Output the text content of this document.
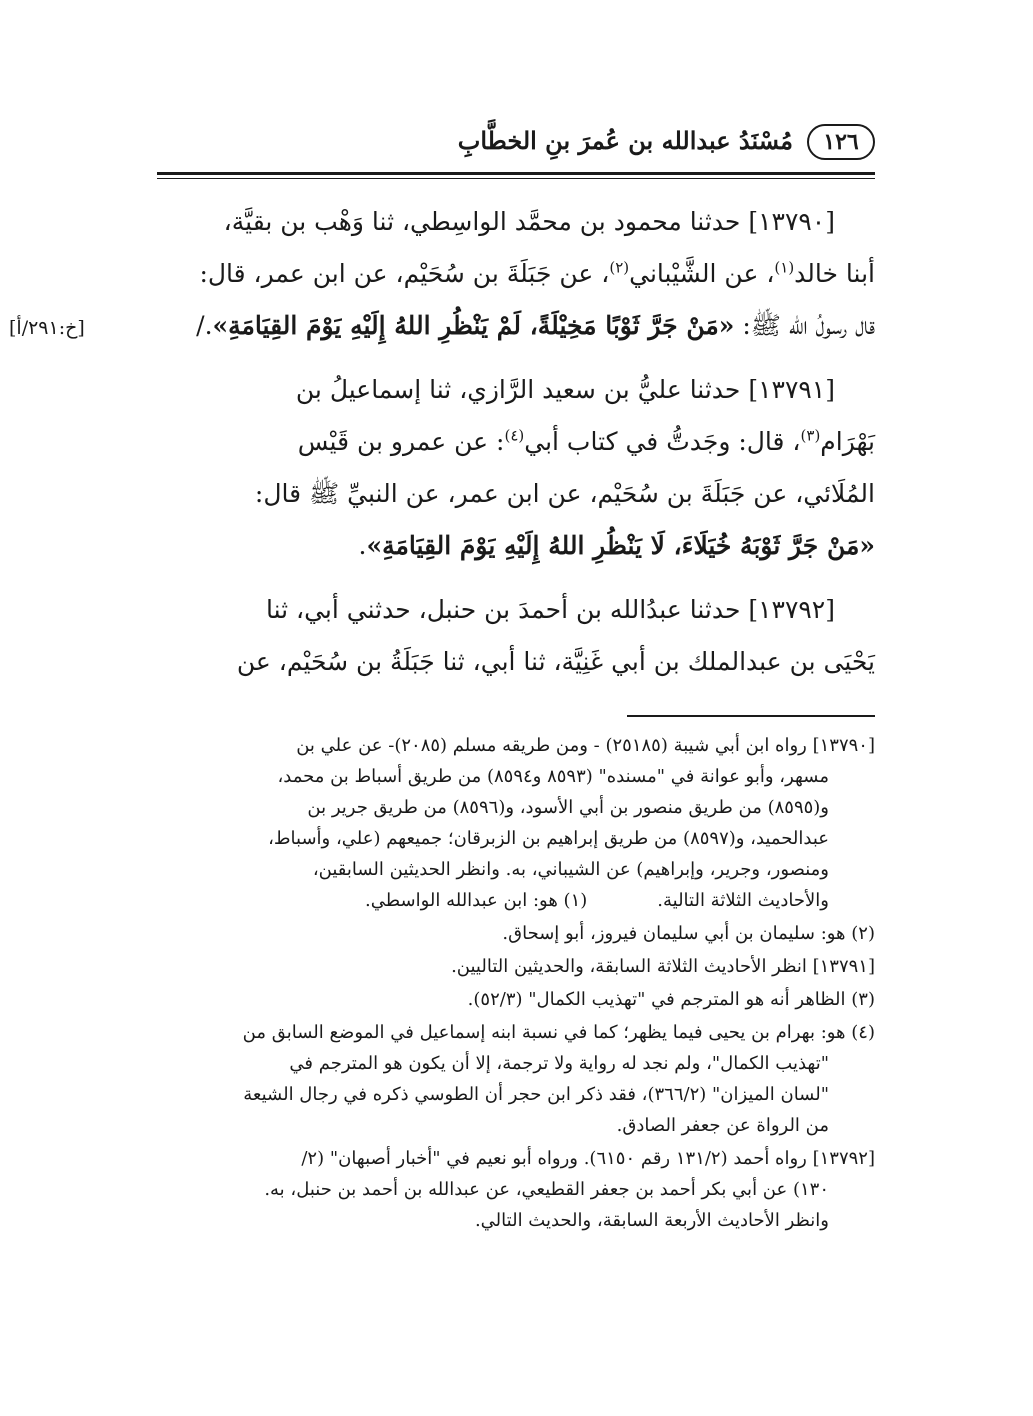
١٢٦
مُسْنَدُ عبدالله بن عُمرَ بنِ الخطَّابِ
[خ:٢٩١/أ]

[١٣٧٩٠] حدثنا محمود بن محمَّد الواسِطي، ثنا وَهْب بن بقيَّة،

أبنا خالد$^{(١)}$، عن الشَّيْباني$^{(٢)}$، عن جَبَلَةَ بن سُحَيْم، عن ابن عمر، قال:

قال رسولُ الله ﷺ: «مَنْ جَرَّ ثَوْبًا مَخِيْلَةً، لَمْ يَنْظُرِ اللهُ إِلَيْهِ يَوْمَ القِيَامَةِ»./

[١٣٧٩١] حدثنا عليُّ بن سعيد الرَّازي، ثنا إسماعيلُ بن

بَهْرَام$^{(٣)}$، قال: وجَدتُّ في كتاب أبي$^{(٤)}$: عن عمرو بن قَيْس

المُلَائي، عن جَبَلَةَ بن سُحَيْم، عن ابن عمر، عن النبيِّ ﷺ قال:

«مَنْ جَرَّ ثَوْبَهُ خُيَلَاءَ، لَا يَنْظُرِ اللهُ إِلَيْهِ يَوْمَ القِيَامَةِ».

[١٣٧٩٢] حدثنا عبدُالله بن أحمدَ بن حنبل، حدثني أبي، ثنا

يَحْيَى بن عبدالملك بن أبي غَنِيَّة، ثنا أبي، ثنا جَبَلَةُ بن سُحَيْم، عن

[١٣٧٩٠] رواه ابن أبي شيبة (٢٥١٨٥) - ومن طريقه مسلم (٢٠٨٥)- عن علي بن
مسهر، وأبو عوانة في "مسنده" (٨٥٩٣ و٨٥٩٤) من طريق أسباط بن محمد،
و(٨٥٩٥) من طريق منصور بن أبي الأسود، و(٨٥٩٦) من طريق جرير بن
عبدالحميد، و(٨٥٩٧) من طريق إبراهيم بن الزبرقان؛ جميعهم (علي، وأسباط،
ومنصور، وجرير، وإبراهيم) عن الشيباني، به. وانظر الحديثين السابقين،
والأحاديث الثلاثة التالية.(١) هو: ابن عبدالله الواسطي.
(٢) هو: سليمان بن أبي سليمان فيروز، أبو إسحاق.
[١٣٧٩١] انظر الأحاديث الثلاثة السابقة، والحديثين التاليين.
(٣) الظاهر أنه هو المترجم في "تهذيب الكمال" (٥٢/٣).
(٤) هو: بهرام بن يحيى فيما يظهر؛ كما في نسبة ابنه إسماعيل في الموضع السابق من
"تهذيب الكمال"، ولم نجد له رواية ولا ترجمة، إلا أن يكون هو المترجم في
"لسان الميزان" (٣٦٦/٢)، فقد ذكر ابن حجر أن الطوسي ذكره في رجال الشيعة
من الرواة عن جعفر الصادق.
[١٣٧٩٢] رواه أحمد (١٣١/٢ رقم ٦١٥٠). ورواه أبو نعيم في "أخبار أصبهان" (٢/
١٣٠) عن أبي بكر أحمد بن جعفر القطيعي، عن عبدالله بن أحمد بن حنبل، به.
وانظر الأحاديث الأربعة السابقة، والحديث التالي.
